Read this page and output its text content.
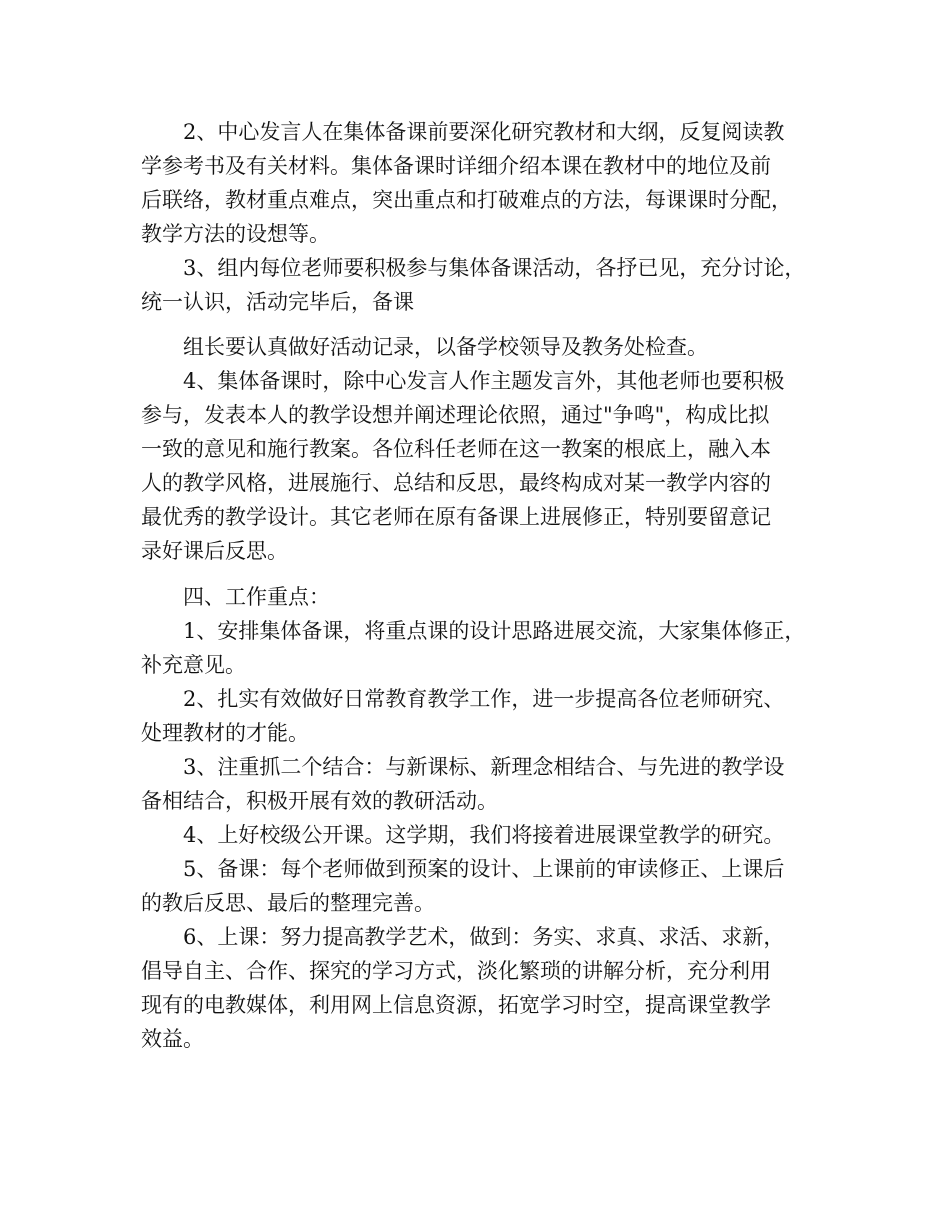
2、中心发言人在集体备课前要深化研究教材和大纲，反复阅读教
学参考书及有关材料。集体备课时详细介绍本课在教材中的地位及前
后联络，教材重点难点，突出重点和打破难点的方法，每课课时分配，
教学方法的设想等。
3、组内每位老师要积极参与集体备课活动，各抒已见，充分讨论，
统一认识，活动完毕后，备课
组长要认真做好活动记录，以备学校领导及教务处检查。
4、集体备课时，除中心发言人作主题发言外，其他老师也要积极
参与，发表本人的教学设想并阐述理论依照，通过"争鸣"，构成比拟
一致的意见和施行教案。各位科任老师在这一教案的根底上，融入本
人的教学风格，进展施行、总结和反思，最终构成对某一教学内容的
最优秀的教学设计。其它老师在原有备课上进展修正，特别要留意记
录好课后反思。
四、工作重点：
1、安排集体备课，将重点课的设计思路进展交流，大家集体修正，
补充意见。
2、扎实有效做好日常教育教学工作，进一步提高各位老师研究、
处理教材的才能。
3、注重抓二个结合：与新课标、新理念相结合、与先进的教学设
备相结合，积极开展有效的教研活动。
4、上好校级公开课。这学期，我们将接着进展课堂教学的研究。
5、备课：每个老师做到预案的设计、上课前的审读修正、上课后
的教后反思、最后的整理完善。
6、上课：努力提高教学艺术，做到：务实、求真、求活、求新，
倡导自主、合作、探究的学习方式，淡化繁琐的讲解分析，充分利用
现有的电教媒体，利用网上信息资源，拓宽学习时空，提高课堂教学
效益。
